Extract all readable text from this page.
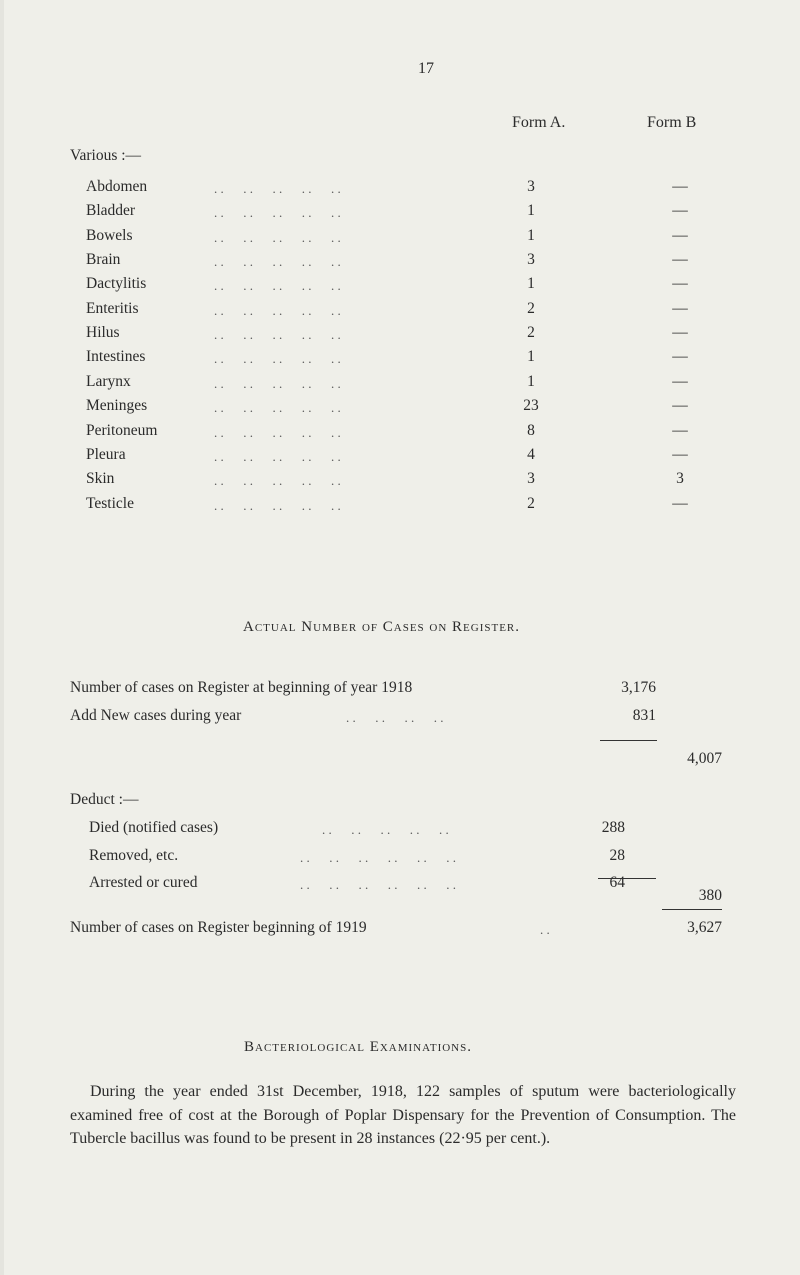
17
Form A.	Form B
Various :—
Abdomen	. .      . .      . .      . .      . .	3	—
Bladder	. .      . .      . .      . .      . .	1	—
Bowels	. .      . .      . .      . .      . .	1	—
Brain	. .      . .      . .      . .      . .	3	—
Dactylitis	. .      . .      . .      . .      . .	1	—
Enteritis	. .      . .      . .      . .      . .	2	—
Hilus	. .      . .      . .      . .      . .	2	—
Intestines	. .      . .      . .      . .      . .	1	—
Larynx	. .      . .      . .      . .      . .	1	—
Meninges	. .      . .      . .      . .      . .	23	—
Peritoneum	. .      . .      . .      . .      . .	8	—
Pleura	. .      . .      . .      . .      . .	4	—
Skin	. .      . .      . .      . .      . .	3	3
Testicle	. .      . .      . .      . .      . .	2	—
Actual Number of Cases on Register.
Number of cases on Register at beginning of year 1918	3,176
Add New cases during year	. .      . .      . .      . .	831
4,007
Deduct :—
Died (notified cases)	. .      . .      . .      . .      . .	288
Removed, etc.	. .      . .      . .      . .      . .      . .	28
Arrested or cured	. .      . .      . .      . .      . .      . .	64
380
Number of cases on Register beginning of 1919	. .	3,627
Bacteriological Examinations.
During the year ended 31st December, 1918, 122 samples of sputum were bacteriologically examined free of cost at the Borough of Poplar Dispensary for the Prevention of Consumption. The Tubercle bacillus was found to be present in 28 instances (22·95 per cent.).
